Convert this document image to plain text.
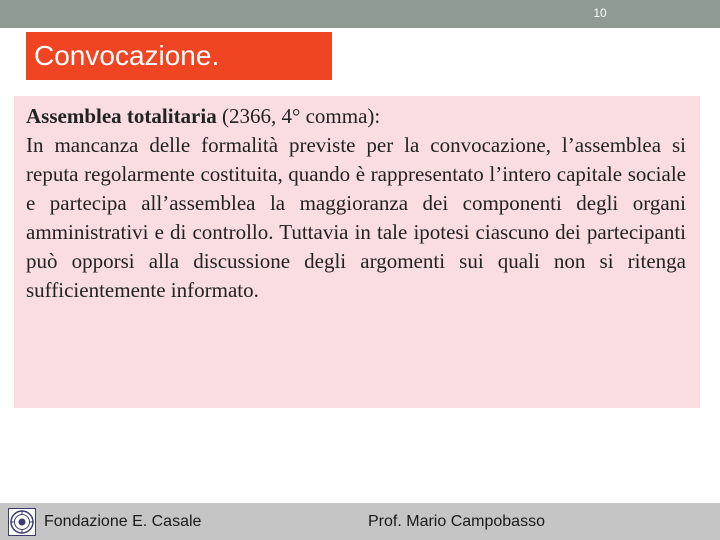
10
Convocazione.

Assemblea totalitaria (2366, 4° comma):

In mancanza delle formalità previste per la convocazione, l’assemblea si reputa regolarmente costituita, quando è rappresentato l’intero capitale sociale e partecipa all’assemblea la maggioranza dei componenti degli organi amministrativi e di controllo. Tuttavia in tale ipotesi ciascuno dei partecipanti può opporsi alla discussione degli argomenti sui quali non si ritenga sufficientemente informato.

Fondazione E. Casale	Prof. Mario Campobasso
